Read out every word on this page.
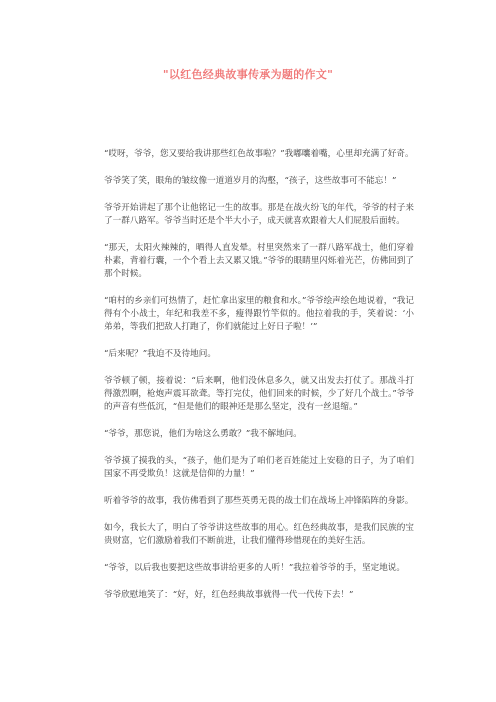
"以红色经典故事传承为题的作文"

“哎呀，爷爷，您又要给我讲那些红色故事啦？”我嘟囔着嘴，心里却充满了好奇。

爷爷笑了笑，眼角的皱纹像一道道岁月的沟壑，“孩子，这些故事可不能忘！”

爷爷开始讲起了那个让他铭记一生的故事。那是在战火纷飞的年代，爷爷的村子来了一群八路军。爷爷当时还是个半大小子，成天就喜欢跟着大人们屁股后面转。

“那天，太阳火辣辣的，晒得人直发晕。村里突然来了一群八路军战士，他们穿着朴素，背着行囊，一个个看上去又累又饿。”爷爷的眼睛里闪烁着光芒，仿佛回到了那个时候。

“咱村的乡亲们可热情了，赶忙拿出家里的粮食和水。”爷爷绘声绘色地说着，“我记得有个小战士，年纪和我差不多，瘦得跟竹竿似的。他拉着我的手，笑着说：‘小弟弟，等我们把敌人打跑了，你们就能过上好日子啦！’”

“后来呢？”我迫不及待地问。

爷爷顿了顿，接着说：“后来啊，他们没休息多久，就又出发去打仗了。那战斗打得激烈啊，枪炮声震耳欲聋。等打完仗，他们回来的时候，少了好几个战士。”爷爷的声音有些低沉，“但是他们的眼神还是那么坚定，没有一丝退缩。”

“爷爷，那您说，他们为啥这么勇敢？”我不解地问。

爷爷摸了摸我的头，“孩子，他们是为了咱们老百姓能过上安稳的日子，为了咱们国家不再受欺负！这就是信仰的力量！”

听着爷爷的故事，我仿佛看到了那些英勇无畏的战士们在战场上冲锋陷阵的身影。

如今，我长大了，明白了爷爷讲这些故事的用心。红色经典故事，是我们民族的宝贵财富，它们激励着我们不断前进，让我们懂得珍惜现在的美好生活。

“爷爷，以后我也要把这些故事讲给更多的人听！”我拉着爷爷的手，坚定地说。

爷爷欣慰地笑了：“好，好，红色经典故事就得一代一代传下去！”
